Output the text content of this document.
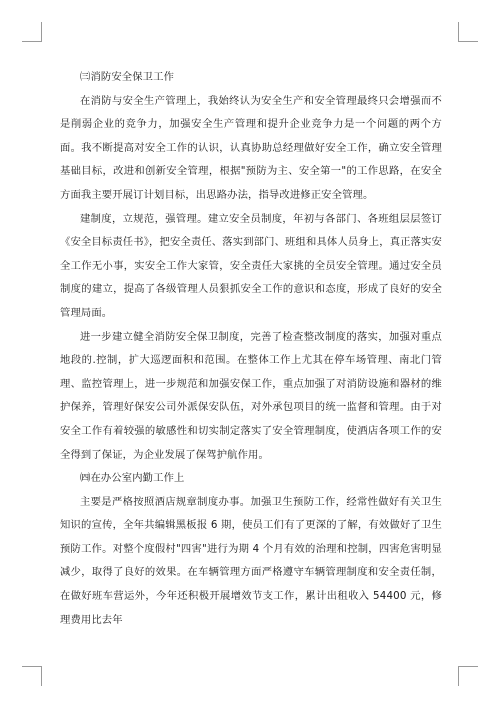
㈢消防安全保卫工作

在消防与安全生产管理上，我始终认为安全生产和安全管理最终只会增强而不是削弱企业的竞争力，加强安全生产管理和提升企业竞争力是一个问题的两个方面。我不断提高对安全工作的认识，认真协助总经理做好安全工作，确立安全管理基础目标，改进和创新安全管理，根据"预防为主、安全第一"的工作思路，在安全方面我主要开展订计划目标，出思路办法，指导改进修正安全管理。

建制度，立规范，强管理。建立安全员制度，年初与各部门、各班组层层签订《安全目标责任书》，把安全责任、落实到部门、班组和具体人员身上，真正落实安全工作无小事，实安全工作大家管，安全责任大家挑的全员安全管理。通过安全员制度的建立，提高了各级管理人员狠抓安全工作的意识和态度，形成了良好的安全管理局面。

进一步建立健全消防安全保卫制度，完善了检查整改制度的落实，加强对重点地段的.控制，扩大巡逻面积和范围。在整体工作上尤其在停车场管理、南北门管理、监控管理上，进一步规范和加强安保工作，重点加强了对消防设施和器材的维护保养，管理好保安公司外派保安队伍，对外承包项目的统一监督和管理。由于对安全工作有着较强的敏感性和切实制定落实了安全管理制度，使酒店各项工作的安全得到了保证，为企业发展了保驾护航作用。

㈣在办公室内勤工作上

主要是严格按照酒店规章制度办事。加强卫生预防工作，经常性做好有关卫生知识的宣传，全年共编辑黑板报 6 期，使员工们有了更深的了解，有效做好了卫生预防工作。对整个度假村"四害"进行为期 4 个月有效的治理和控制，四害危害明显减少，取得了良好的效果。在车辆管理方面严格遵守车辆管理制度和安全责任制，在做好班车营运外，今年还积极开展增效节支工作，累计出租收入 54400 元，修理费用比去年
